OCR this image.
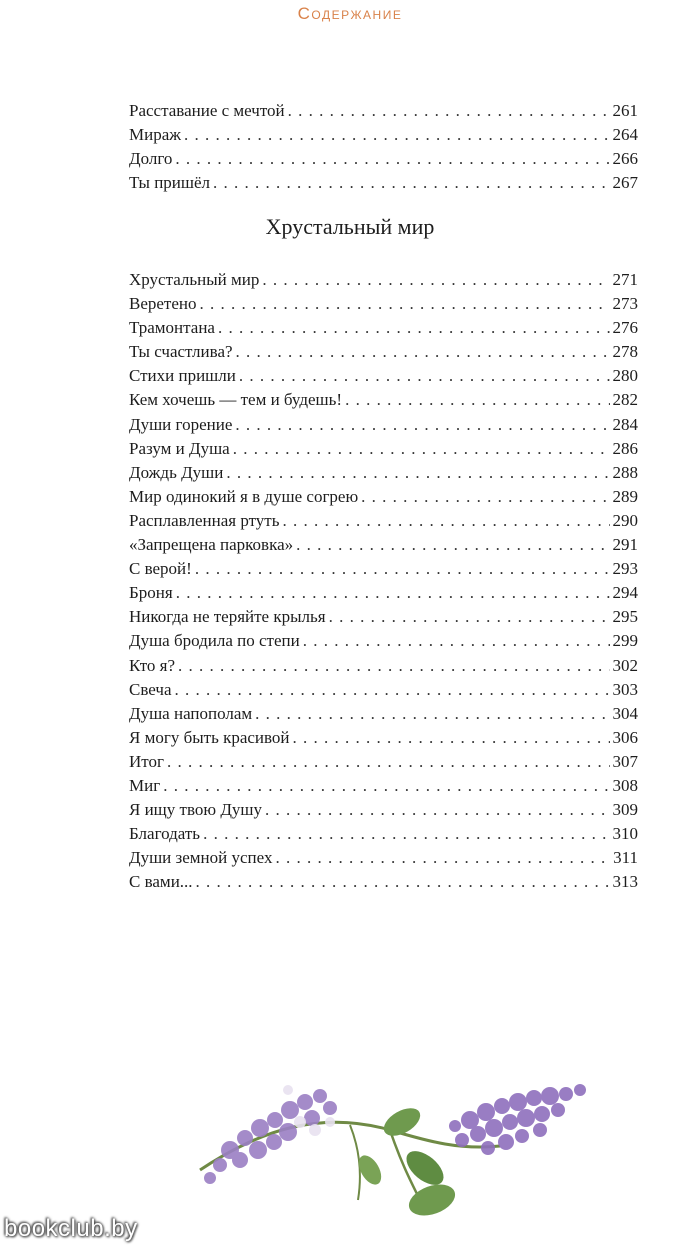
Содержание
Расставание с мечтой . . .	261
Мираж . . .	264
Долго . . .	266
Ты пришёл . . .	267
Хрустальный мир
Хрустальный мир . . .	271
Веретено . . .	273
Трамонтана . . .	276
Ты счастлива? . . .	278
Стихи пришли . . .	280
Кем хочешь — тем и будешь! . . .	282
Души горение . . .	284
Разум и Душа . . .	286
Дождь Души . . .	288
Мир одинокий я в душе согрею . . .	289
Расплавленная ртуть . . .	290
«Запрещена парковка» . . .	291
С верой! . . .	293
Броня . . .	294
Никогда не теряйте крылья . . .	295
Душа бродила по степи . . .	299
Кто я? . . .	302
Свеча . . .	303
Душа напополам . . .	304
Я могу быть красивой . . .	306
Итог . . .	307
Миг . . .	308
Я ищу твою Душу . . .	309
Благодать . . .	310
Души земной успех . . .	311
С вами... . . .	313
bookclub.by
